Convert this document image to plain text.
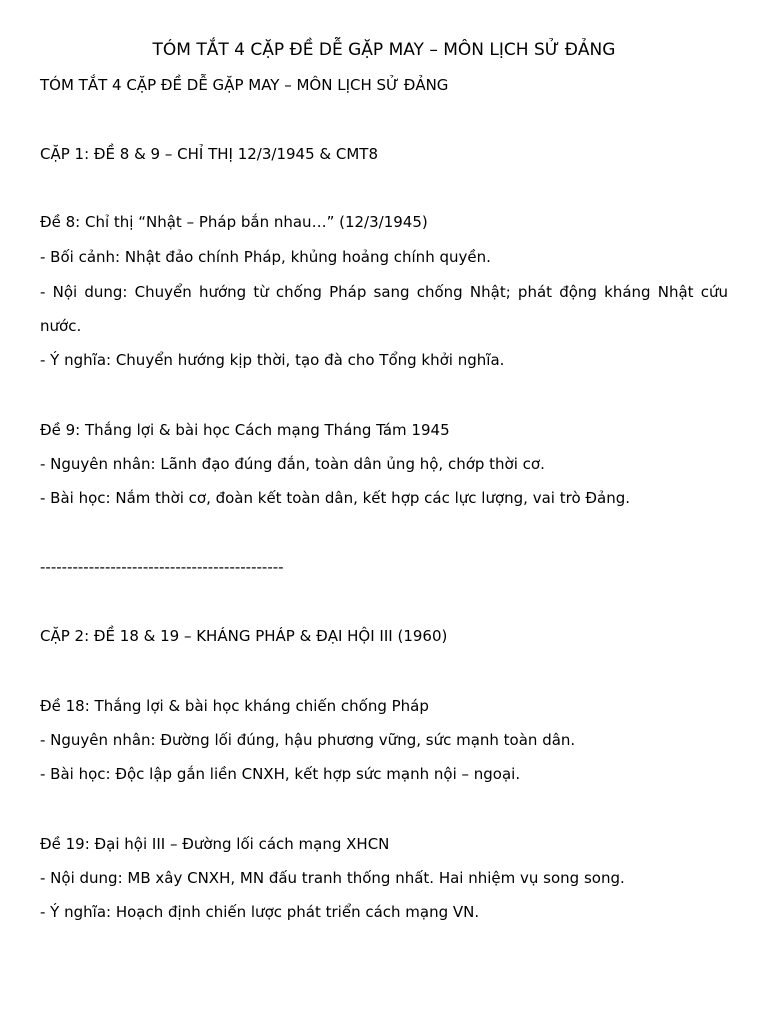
TÓM TẮT 4 CẶP ĐỀ DỄ GẶP MAY – MÔN LỊCH SỬ ĐẢNG
TÓM TẮT 4 CẶP ĐỀ DỄ GẶP MAY – MÔN LỊCH SỬ ĐẢNG
CẶP 1: ĐỀ 8 & 9 – CHỈ THỊ 12/3/1945 & CMT8
Đề 8: Chỉ thị “Nhật – Pháp bắn nhau…” (12/3/1945)
- Bối cảnh: Nhật đảo chính Pháp, khủng hoảng chính quyền.
- Nội dung: Chuyển hướng từ chống Pháp sang chống Nhật; phát động kháng Nhật cứu
nước.
- Ý nghĩa: Chuyển hướng kịp thời, tạo đà cho Tổng khởi nghĩa.
Đề 9: Thắng lợi & bài học Cách mạng Tháng Tám 1945
- Nguyên nhân: Lãnh đạo đúng đắn, toàn dân ủng hộ, chớp thời cơ.
- Bài học: Nắm thời cơ, đoàn kết toàn dân, kết hợp các lực lượng, vai trò Đảng.
---------------------------------------------
CẶP 2: ĐỀ 18 & 19 – KHÁNG PHÁP & ĐẠI HỘI III (1960)
Đề 18: Thắng lợi & bài học kháng chiến chống Pháp
- Nguyên nhân: Đường lối đúng, hậu phương vững, sức mạnh toàn dân.
- Bài học: Độc lập gắn liền CNXH, kết hợp sức mạnh nội – ngoại.
Đề 19: Đại hội III – Đường lối cách mạng XHCN
- Nội dung: MB xây CNXH, MN đấu tranh thống nhất. Hai nhiệm vụ song song.
- Ý nghĩa: Hoạch định chiến lược phát triển cách mạng VN.
